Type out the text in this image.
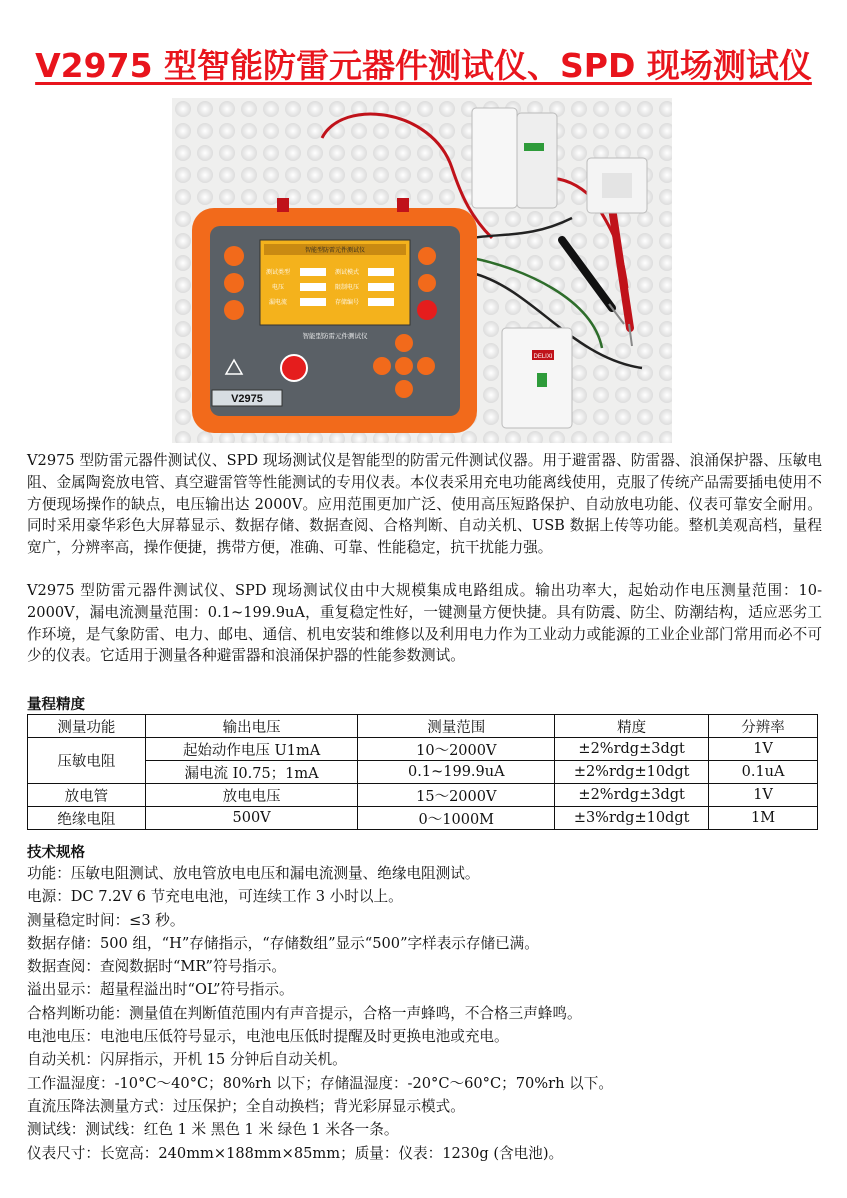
V2975 型智能防雷元器件测试仪、SPD 现场测试仪
DELIXI
智能型防雷元件测试仪
测试类型	测试模式
电压	限制电压
漏电流	存储编号
智能型防雷元件测试仪
V2975
V2975 型防雷元器件测试仪、SPD 现场测试仪是智能型的防雷元件测试仪器。用于避雷器、防雷器、浪涌保护器、压敏电阻、金属陶瓷放电管、真空避雷管等性能测试的专用仪表。本仪表采用充电功能离线使用，克服了传统产品需要插电使用不方便现场操作的缺点，电压输出达 2000V。应用范围更加广泛、使用高压短路保护、自动放电功能、仪表可靠安全耐用。同时采用豪华彩色大屏幕显示、数据存储、数据查阅、合格判断、自动关机、USB 数据上传等功能。整机美观高档，量程宽广，分辨率高，操作便捷，携带方便，准确、可靠、性能稳定，抗干扰能力强。
V2975 型防雷元器件测试仪、SPD 现场测试仪由中大规模集成电路组成。输出功率大，起始动作电压测量范围：10-2000V，漏电流测量范围：0.1~199.9uA，重复稳定性好，一键测量方便快捷。具有防震、防尘、防潮结构，适应恶劣工作环境，是气象防雷、电力、邮电、通信、机电安装和维修以及利用电力作为工业动力或能源的工业企业部门常用而必不可少的仪表。它适用于测量各种避雷器和浪涌保护器的性能参数测试。
量程精度
测量功能	输出电压	测量范围	精度	分辨率
压敏电阻	起始动作电压 U1mA	10～2000V	±2%rdg±3dgt	1V
	漏电流 I0.75；1mA	0.1~199.9uA	±2%rdg±10dgt	0.1uA
放电管	放电电压	15～2000V	±2%rdg±3dgt	1V
绝缘电阻	500V	0～1000M	±3%rdg±10dgt	1M
技术规格
功能：压敏电阻测试、放电管放电电压和漏电流测量、绝缘电阻测试。
电源：DC 7.2V 6 节充电电池，可连续工作 3 小时以上。
测量稳定时间：≤3 秒。
数据存储：500 组，“H”存储指示，“存储数组”显示“500”字样表示存储已满。
数据查阅：查阅数据时“MR”符号指示。
溢出显示：超量程溢出时“OL”符号指示。
合格判断功能：测量值在判断值范围内有声音提示，合格一声蜂鸣，不合格三声蜂鸣。
电池电压：电池电压低符号显示，电池电压低时提醒及时更换电池或充电。
自动关机：闪屏指示，开机 15 分钟后自动关机。
工作温湿度：-10°C～40°C；80%rh 以下；存储温湿度：-20°C～60°C；70%rh 以下。
直流压降法测量方式：过压保护；全自动换档；背光彩屏显示模式。
测试线：测试线：红色 1 米 黑色 1 米 绿色 1 米各一条。
仪表尺寸：长宽高：240mm×188mm×85mm；质量：仪表：1230g (含电池)。
